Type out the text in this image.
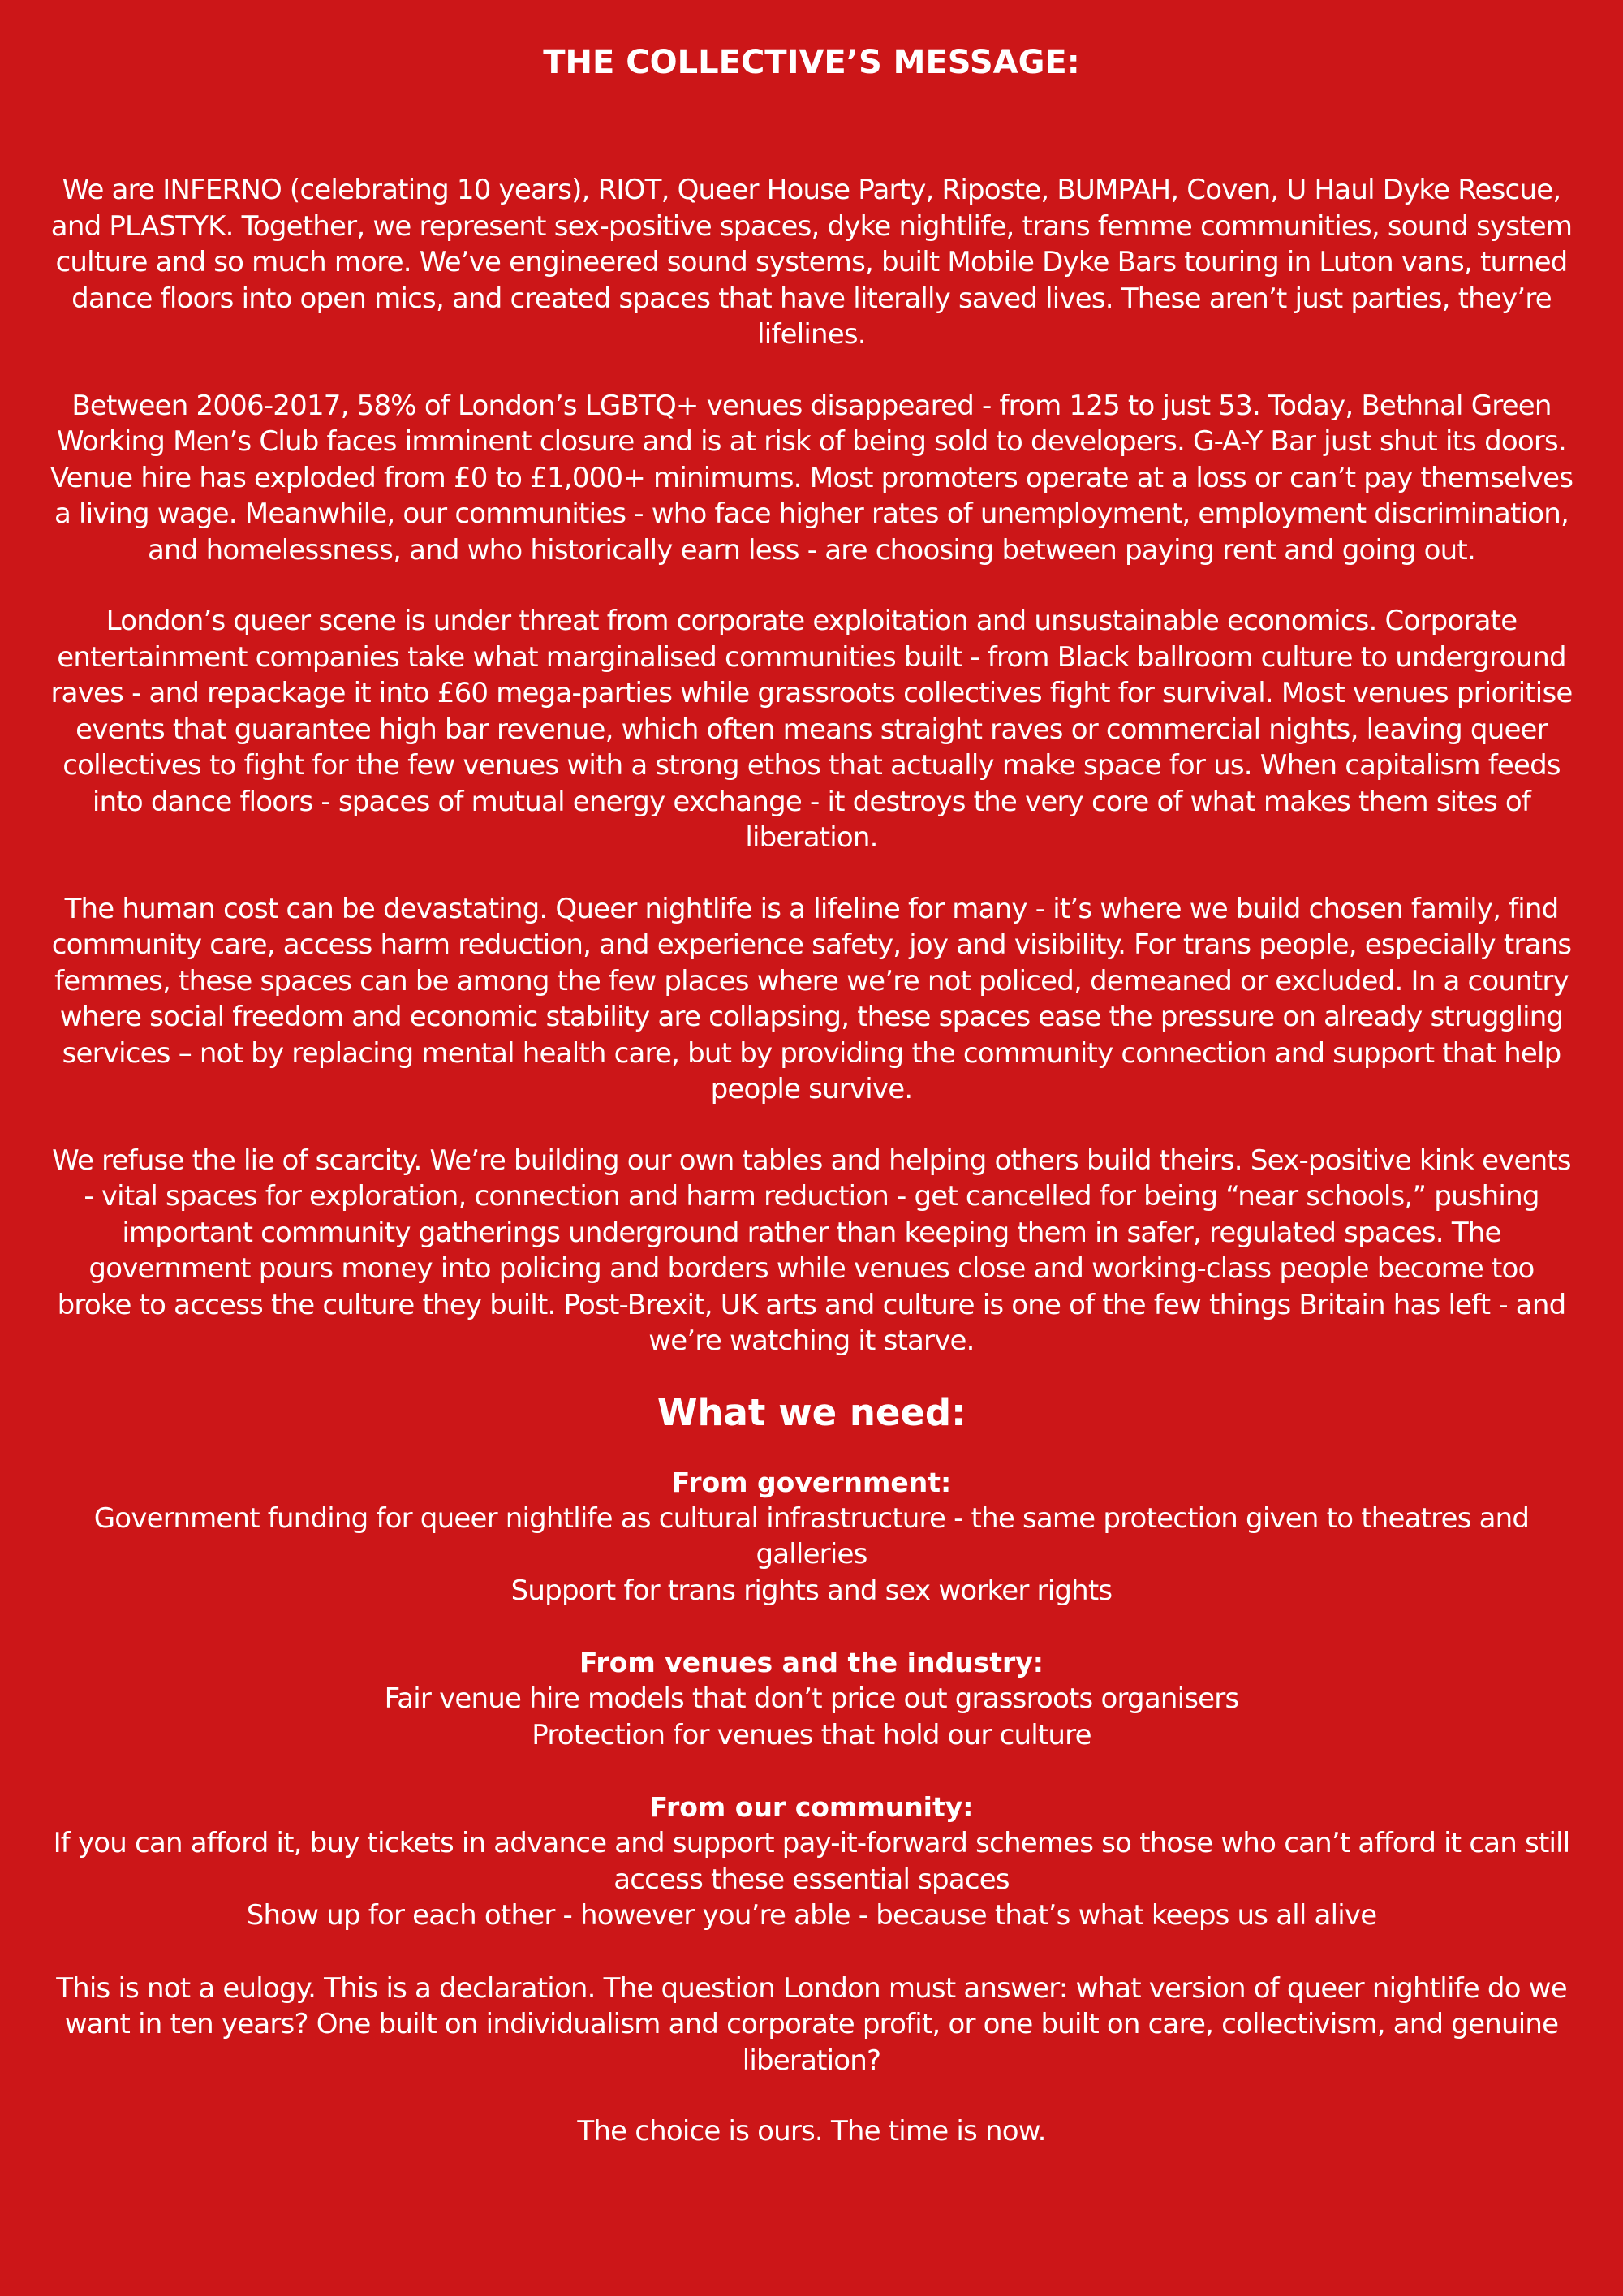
THE COLLECTIVE’S MESSAGE:

We are INFERNO (celebrating 10 years), RIOT, Queer House Party, Riposte, BUMPAH, Coven, U Haul Dyke Rescue, and PLASTYK. Together, we represent sex-positive spaces, dyke nightlife, trans femme communities, sound system culture and so much more. We’ve engineered sound systems, built Mobile Dyke Bars touring in Luton vans, turned dance floors into open mics, and created spaces that have literally saved lives. These aren’t just parties, they’re lifelines.

Between 2006-2017, 58% of London’s LGBTQ+ venues disappeared - from 125 to just 53. Today, Bethnal Green Working Men’s Club faces imminent closure and is at risk of being sold to developers. G-A-Y Bar just shut its doors. Venue hire has exploded from £0 to £1,000+ minimums. Most promoters operate at a loss or can’t pay themselves a living wage. Meanwhile, our communities - who face higher rates of unemployment, employment discrimination, and homelessness, and who historically earn less - are choosing between paying rent and going out.

London’s queer scene is under threat from corporate exploitation and unsustainable economics. Corporate entertainment companies take what marginalised communities built - from Black ballroom culture to underground raves - and repackage it into £60 mega-parties while grassroots collectives fight for survival. Most venues prioritise events that guarantee high bar revenue, which often means straight raves or commercial nights, leaving queer collectives to fight for the few venues with a strong ethos that actually make space for us. When capitalism feeds into dance floors - spaces of mutual energy exchange - it destroys the very core of what makes them sites of liberation.

The human cost can be devastating. Queer nightlife is a lifeline for many - it’s where we build chosen family, find community care, access harm reduction, and experience safety, joy and visibility. For trans people, especially trans femmes, these spaces can be among the few places where we’re not policed, demeaned or excluded. In a country where social freedom and economic stability are collapsing, these spaces ease the pressure on already struggling services – not by replacing mental health care, but by providing the community connection and support that help people survive.

We refuse the lie of scarcity. We’re building our own tables and helping others build theirs. Sex-positive kink events - vital spaces for exploration, connection and harm reduction - get cancelled for being “near schools,” pushing important community gatherings underground rather than keeping them in safer, regulated spaces. The government pours money into policing and borders while venues close and working-class people become too broke to access the culture they built. Post-Brexit, UK arts and culture is one of the few things Britain has left - and we’re watching it starve.

What we need:
From government:
Government funding for queer nightlife as cultural infrastructure - the same protection given to theatres and galleries
Support for trans rights and sex worker rights
From venues and the industry:
Fair venue hire models that don’t price out grassroots organisers
Protection for venues that hold our culture
From our community:
If you can afford it, buy tickets in advance and support pay-it-forward schemes so those who can’t afford it can still access these essential spaces
Show up for each other - however you’re able - because that’s what keeps us all alive

This is not a eulogy. This is a declaration. The question London must answer: what version of queer nightlife do we want in ten years? One built on individualism and corporate profit, or one built on care, collectivism, and genuine liberation?

The choice is ours. The time is now.
